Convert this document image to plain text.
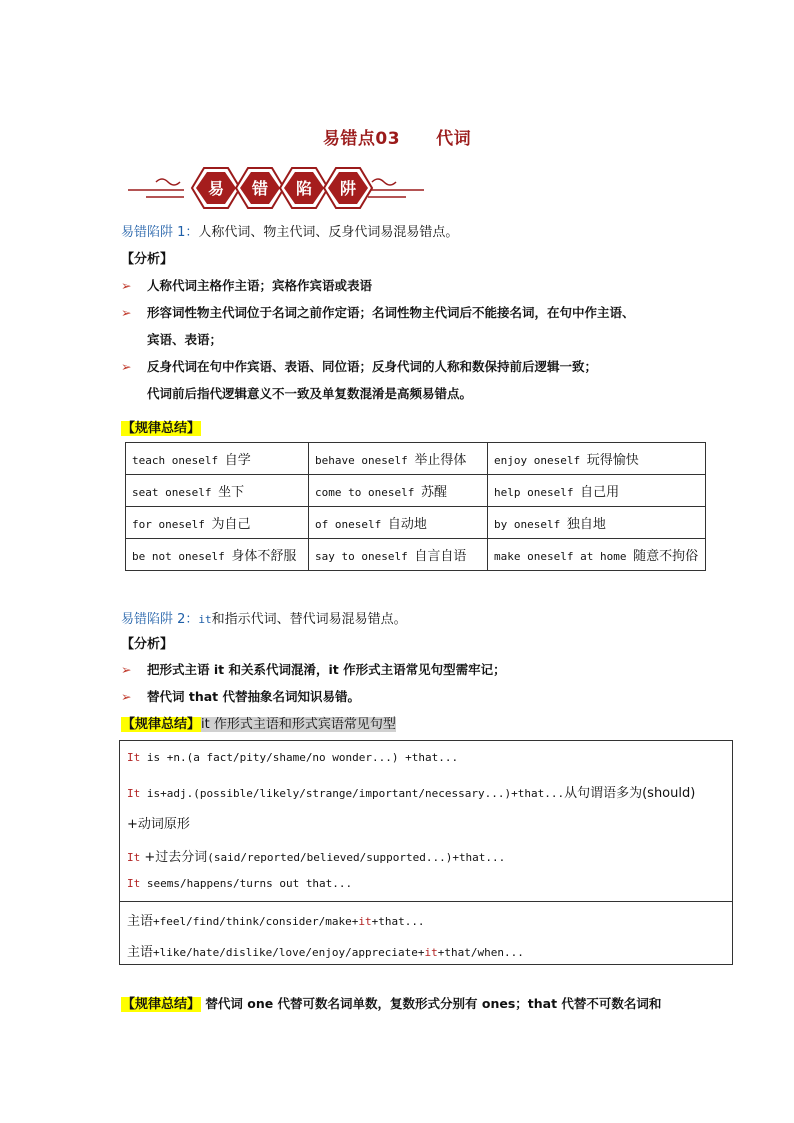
易错点03 代词
易 错 陷 阱
易错陷阱 1：人称代词、物主代词、反身代词易混易错点。
【分析】
➢ 人称代词主格作主语；宾格作宾语或表语
➢ 形容词性物主代词位于名词之前作定语；名词性物主代词后不能接名词，在句中作主语、
宾语、表语；
➢ 反身代词在句中作宾语、表语、同位语；反身代词的人称和数保持前后逻辑一致；
代词前后指代逻辑意义不一致及单复数混淆是高频易错点。
【规律总结】
teach oneself 自学	behave oneself 举止得体	enjoy oneself 玩得愉快
seat oneself 坐下	come to oneself 苏醒	help oneself 自己用
for oneself 为自己	of oneself 自动地	by oneself 独自地
be not oneself 身体不舒服	say to oneself 自言自语	make oneself at home 随意不拘俗
易错陷阱 2：it和指示代词、替代词易混易错点。
【分析】
➢ 把形式主语 it 和关系代词混淆，it 作形式主语常见句型需牢记；
➢ 替代词 that 代替抽象名词知识易错。
【规律总结】it 作形式主语和形式宾语常见句型
It is +n.(a fact/pity/shame/no wonder...) +that...
It is+adj.(possible/likely/strange/important/necessary...)+that...从句谓语多为(should)
+动词原形
It +过去分词(said/reported/believed/supported...)+that...
It seems/happens/turns out that...
主语+feel/find/think/consider/make+it+that...
主语+like/hate/dislike/love/enjoy/appreciate+it+that/when...
【规律总结】 替代词 one 代替可数名词单数，复数形式分别有 ones；that 代替不可数名词和
